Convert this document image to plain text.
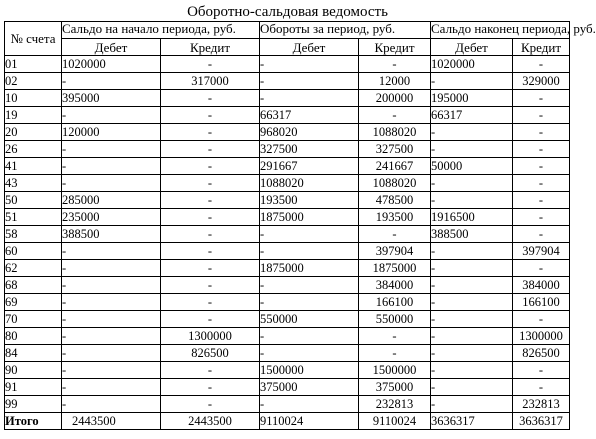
Оборотно-сальдовая ведомость
№ счета	Сальдо на начало периода, руб.		Обороты за период, руб.		Сальдо наконец периода, руб.	
	Дебет	Кредит	Дебет	Кредит	Дебет	Кредит
01	1020000	-	-	-	1020000	-
02	-	317000	-	12000	-	329000
10	395000	-	-	200000	195000	-
19	-	-	66317	-	66317	-
20	120000	-	968020	1088020	-	-
26	-	-	327500	327500	-	-
41	-	-	291667	241667	50000	-
43	-	-	1088020	1088020	-	-
50	285000	-	193500	478500	-	-
51	235000	-	1875000	193500	1916500	-
58	388500	-	-	-	388500	-
60	-	-	-	397904	-	397904
62	-	-	1875000	1875000	-	-
68	-	-	-	384000	-	384000
69	-	-	-	166100	-	166100
70	-	-	550000	550000	-	-
80	-	1300000	-	-	-	1300000
84	-	826500	-	-	-	826500
90	-	-	1500000	1500000	-	-
91	-	-	375000	375000	-	-
99	-	-	-	232813	-	232813
Итого	2443500	2443500	9110024	9110024	3636317	3636317
